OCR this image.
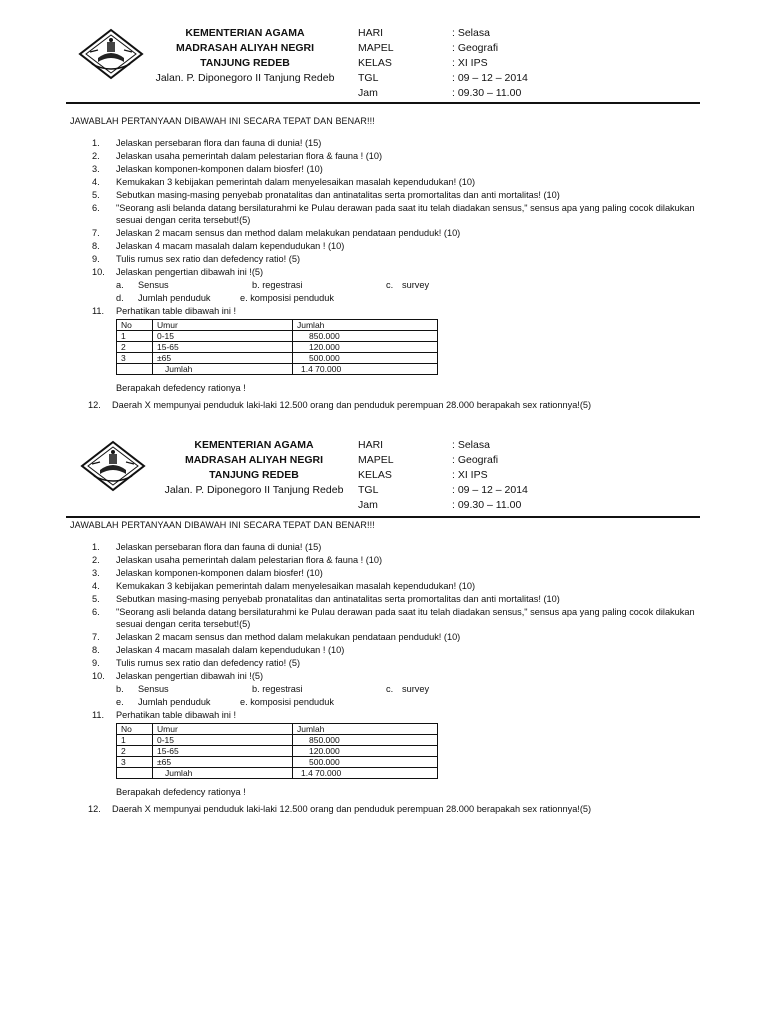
KEMENTERIAN AGAMA
MADRASAH ALIYAH NEGRI
TANJUNG REDEB
Jalan. P. Diponegoro II Tanjung Redeb
HARI	: Selasa
MAPEL	: Geografi
KELAS	: XI IPS
TGL	: 09 – 12 – 2014
Jam	: 09.30 – 11.00
JAWABLAH PERTANYAAN DIBAWAH INI SECARA TEPAT DAN BENAR!!!
1. Jelaskan persebaran flora dan fauna di dunia! (15)
2. Jelaskan usaha pemerintah dalam pelestarian flora & fauna ! (10)
3. Jelaskan komponen-komponen dalam biosfer! (10)
4. Kemukakan 3 kebijakan pemerintah dalam menyelesaikan masalah kependudukan! (10)
5. Sebutkan masing-masing penyebab pronatalitas dan antinatalitas serta promortalitas dan anti mortalitas! (10)
6. "Seorang asli belanda datang bersilaturahmi ke Pulau derawan pada saat itu telah diadakan sensus," sensus apa yang paling cocok dilakukan sesuai dengan cerita tersebut!(5)
7. Jelaskan 2 macam sensus dan method dalam melakukan pendataan penduduk! (10)
8. Jelaskan 4 macam masalah dalam kependudukan ! (10)
9. Tulis rumus sex ratio dan defedency ratio! (5)
10. Jelaskan pengertian dibawah ini !(5)
a. Sensus	b. regestrasi	c. survey
d. Jumlah penduduk	e. komposisi penduduk
11. Perhatikan table dibawah ini !
No	Umur	Jumlah
1	0-15	850.000
2	15-65	120.000
3	±65	500.000
	Jumlah	1.4 70.000
Berapakah defedency rationya !
12. Daerah X mempunyai penduduk laki-laki 12.500 orang dan penduduk perempuan 28.000 berapakah sex rationnya!(5)
KEMENTERIAN AGAMA
MADRASAH ALIYAH NEGRI
TANJUNG REDEB
Jalan. P. Diponegoro II Tanjung Redeb
HARI	: Selasa
MAPEL	: Geografi
KELAS	: XI IPS
TGL	: 09 – 12 – 2014
Jam	: 09.30 – 11.00
JAWABLAH PERTANYAAN DIBAWAH INI SECARA TEPAT DAN BENAR!!!
1. Jelaskan persebaran flora dan fauna di dunia! (15)
2. Jelaskan usaha pemerintah dalam pelestarian flora & fauna ! (10)
3. Jelaskan komponen-komponen dalam biosfer! (10)
4. Kemukakan 3 kebijakan pemerintah dalam menyelesaikan masalah kependudukan! (10)
5. Sebutkan masing-masing penyebab pronatalitas dan antinatalitas serta promortalitas dan anti mortalitas! (10)
6. "Seorang asli belanda datang bersilaturahmi ke Pulau derawan pada saat itu telah diadakan sensus," sensus apa yang paling cocok dilakukan sesuai dengan cerita tersebut!(5)
7. Jelaskan 2 macam sensus dan method dalam melakukan pendataan penduduk! (10)
8. Jelaskan 4 macam masalah dalam kependudukan ! (10)
9. Tulis rumus sex ratio dan defedency ratio! (5)
10. Jelaskan pengertian dibawah ini !(5)
b. Sensus	b. regestrasi	c. survey
e. Jumlah penduduk	e. komposisi penduduk
11. Perhatikan table dibawah ini !
No	Umur	Jumlah
1	0-15	850.000
2	15-65	120.000
3	±65	500.000
	Jumlah	1.4 70.000
Berapakah defedency rationya !
12. Daerah X mempunyai penduduk laki-laki 12.500 orang dan penduduk perempuan 28.000 berapakah sex rationnya!(5)
